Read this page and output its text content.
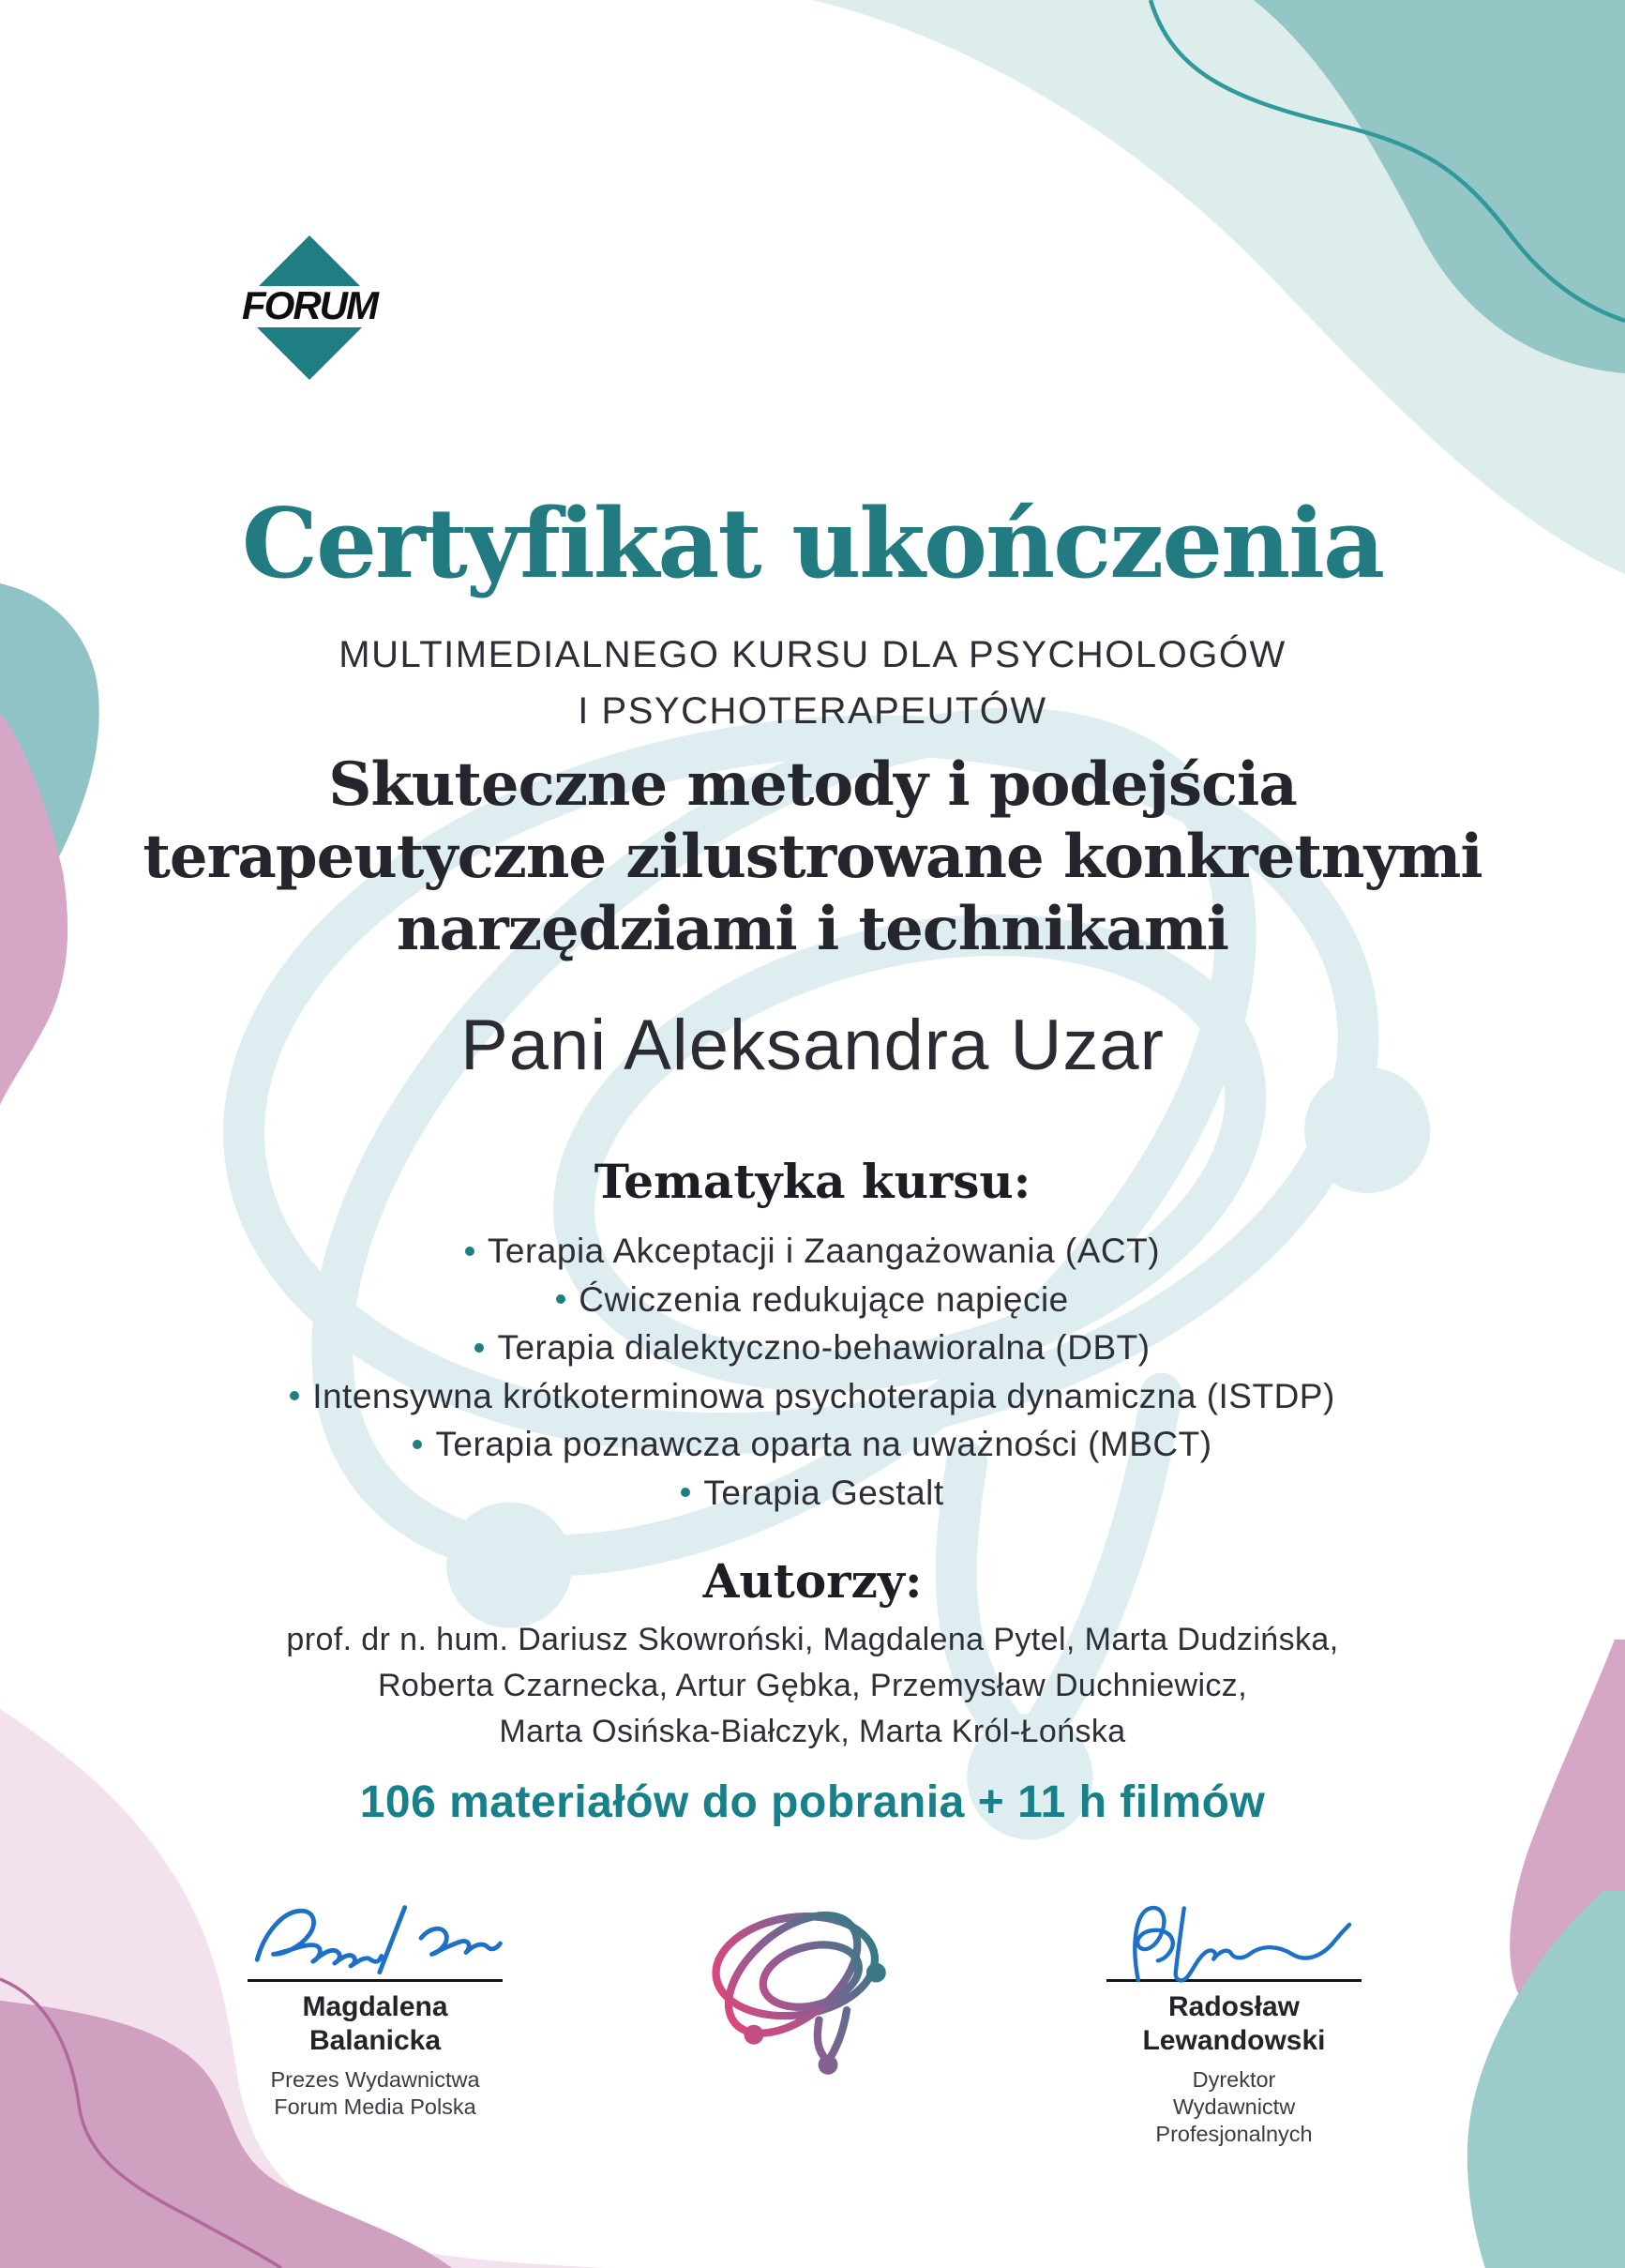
FORUM
Certyfikat ukończenia
MULTIMEDIALNEGO KURSU DLA PSYCHOLOGÓW
I PSYCHOTERAPEUTÓW
Skuteczne metody i podejścia
terapeutyczne zilustrowane konkretnymi
narzędziami i technikami
Pani Aleksandra Uzar
Tematyka kursu:
Terapia Akceptacji i Zaangażowania (ACT)
Ćwiczenia redukujące napięcie
Terapia dialektyczno-behawioralna (DBT)
Intensywna krótkoterminowa psychoterapia dynamiczna (ISTDP)
Terapia poznawcza oparta na uważności (MBCT)
Terapia Gestalt
Autorzy:
prof. dr n. hum. Dariusz Skowroński, Magdalena Pytel, Marta Dudzińska,
Roberta Czarnecka, Artur Gębka, Przemysław Duchniewicz,
Marta Osińska-Białczyk, Marta Król-Łońska
106 materiałów do pobrania + 11 h filmów
Magdalena Balanicka
Prezes Wydawnictwa
Forum Media Polska
Radosław Lewandowski
Dyrektor
Wydawnictw Profesjonalnych
